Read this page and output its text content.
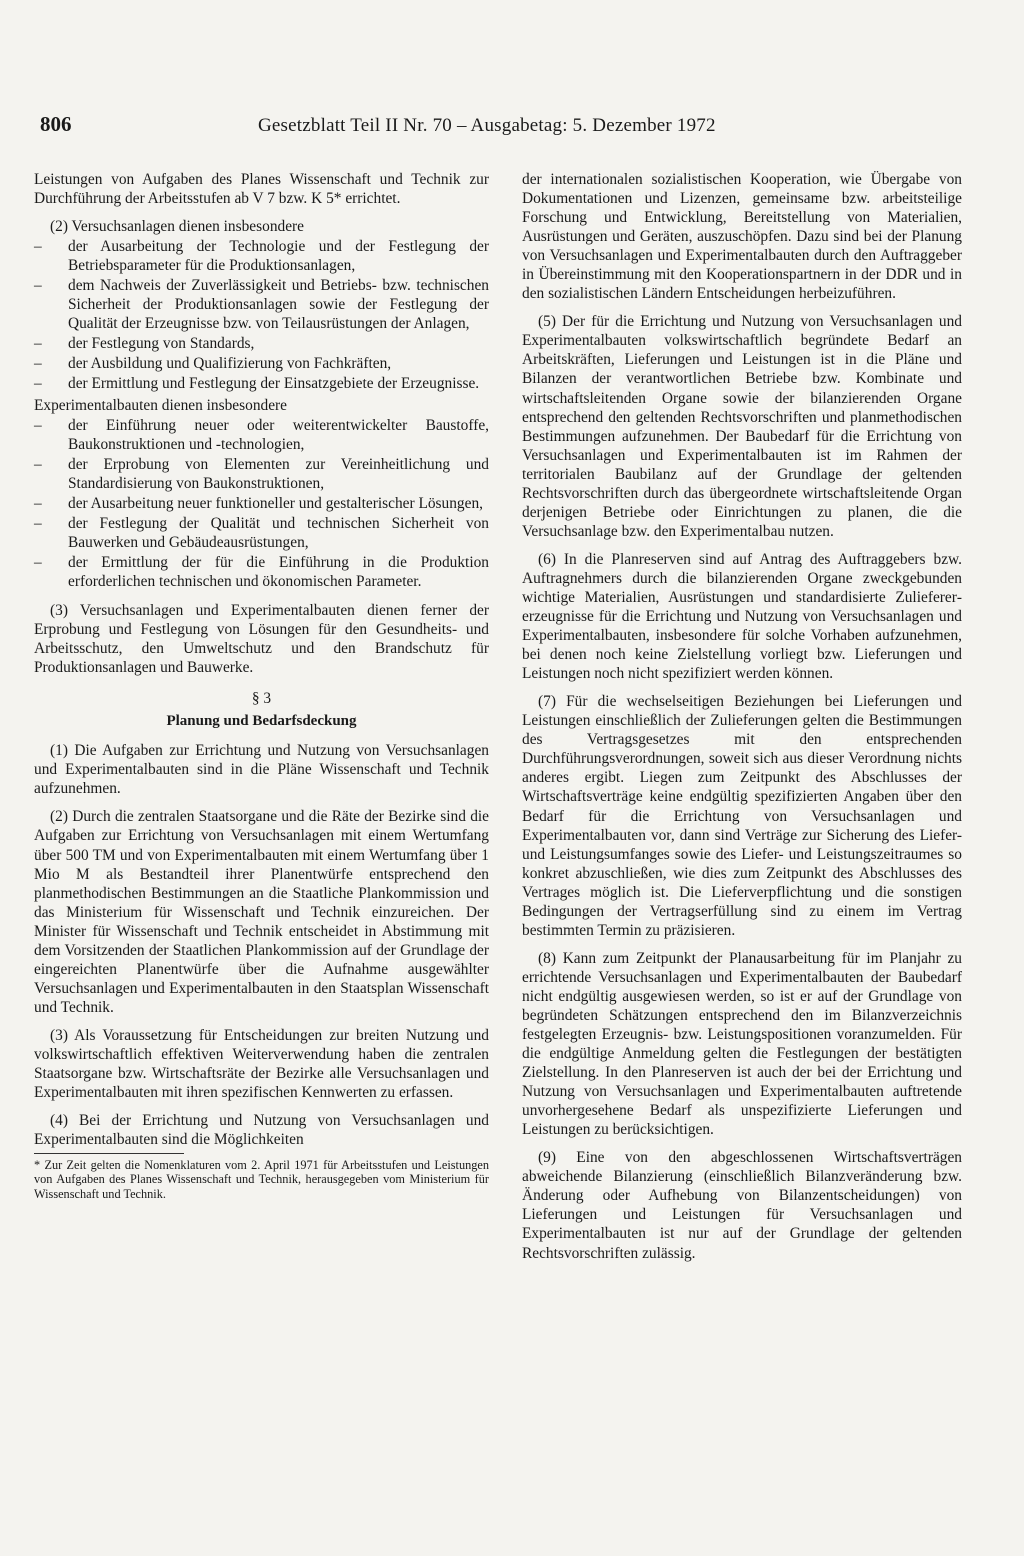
806	Gesetzblatt Teil II Nr. 70 – Ausgabetag: 5. Dezember 1972

Leistungen von Aufgaben des Planes Wissenschaft und Technik zur Durchführung der Arbeitsstufen ab V 7 bzw. K 5* errichtet.

(2) Versuchsanlagen dienen insbesondere

– der Ausarbeitung der Technologie und der Festlegung der Betriebsparameter für die Produktionsanlagen,
– dem Nachweis der Zuverlässigkeit und Betriebs- bzw. technischen Sicherheit der Produktionsanlagen sowie der Festlegung der Qualität der Erzeugnisse bzw. von Teilausrüstungen der Anlagen,
– der Festlegung von Standards,
– der Ausbildung und Qualifizierung von Fachkräften,
– der Ermittlung und Festlegung der Einsatzgebiete der Erzeugnisse.

Experimentalbauten dienen insbesondere

– der Einführung neuer oder weiterentwickelter Baustoffe, Baukonstruktionen und -technologien,
– der Erprobung von Elementen zur Vereinheitlichung und Standardisierung von Baukonstruktionen,
– der Ausarbeitung neuer funktioneller und gestalterischer Lösungen,
– der Festlegung der Qualität und technischen Sicherheit von Bauwerken und Gebäudeausrüstungen,
– der Ermittlung der für die Einführung in die Produktion erforderlichen technischen und ökonomischen Parameter.

(3) Versuchsanlagen und Experimentalbauten dienen ferner der Erprobung und Festlegung von Lösungen für den Gesundheits- und Arbeitsschutz, den Umweltschutz und den Brandschutz für Produktionsanlagen und Bauwerke.

§ 3
Planung und Bedarfsdeckung

(1) Die Aufgaben zur Errichtung und Nutzung von Versuchsanlagen und Experimentalbauten sind in die Pläne Wissenschaft und Technik aufzunehmen.

(2) Durch die zentralen Staatsorgane und die Räte der Bezirke sind die Aufgaben zur Errichtung von Versuchsanlagen mit einem Wertumfang über 500 TM und von Experimentalbauten mit einem Wertumfang über 1 Mio M als Bestandteil ihrer Planentwürfe entsprechend den planmethodischen Bestimmungen an die Staatliche Plankommission und das Ministerium für Wissenschaft und Technik einzureichen. Der Minister für Wissenschaft und Technik entscheidet in Abstimmung mit dem Vorsitzenden der Staatlichen Plankommission auf der Grundlage der eingereichten Planentwürfe über die Aufnahme ausgewählter Versuchsanlagen und Experimentalbauten in den Staatsplan Wissenschaft und Technik.

(3) Als Voraussetzung für Entscheidungen zur breiten Nutzung und volkswirtschaftlich effektiven Weiterverwendung haben die zentralen Staatsorgane bzw. Wirtschaftsräte der Bezirke alle Versuchsanlagen und Experimentalbauten mit ihren spezifischen Kennwerten zu erfassen.

(4) Bei der Errichtung und Nutzung von Versuchsanlagen und Experimentalbauten sind die Möglichkeiten

* Zur Zeit gelten die Nomenklaturen vom 2. April 1971 für Arbeitsstufen und Leistungen von Aufgaben des Planes Wissenschaft und Technik, herausgegeben vom Ministerium für Wissenschaft und Technik.

der internationalen sozialistischen Kooperation, wie Übergabe von Dokumentationen und Lizenzen, gemeinsame bzw. arbeitsteilige Forschung und Entwicklung, Bereitstellung von Materialien, Ausrüstungen und Geräten, auszuschöpfen. Dazu sind bei der Planung von Versuchsanlagen und Experimentalbauten durch den Auftraggeber in Übereinstimmung mit den Kooperationspartnern in der DDR und in den sozialistischen Ländern Entscheidungen herbeizuführen.

(5) Der für die Errichtung und Nutzung von Versuchsanlagen und Experimentalbauten volkswirtschaftlich begründete Bedarf an Arbeitskräften, Lieferungen und Leistungen ist in die Pläne und Bilanzen der verantwortlichen Betriebe bzw. Kombinate und wirtschaftsleitenden Organe sowie der bilanzierenden Organe entsprechend den geltenden Rechtsvorschriften und planmethodischen Bestimmungen aufzunehmen. Der Baubedarf für die Errichtung von Versuchsanlagen und Experimentalbauten ist im Rahmen der territorialen Baubilanz auf der Grundlage der geltenden Rechtsvorschriften durch das übergeordnete wirtschaftsleitende Organ derjenigen Betriebe oder Einrichtungen zu planen, die die Versuchsanlage bzw. den Experimentalbau nutzen.

(6) In die Planreserven sind auf Antrag des Auftraggebers bzw. Auftragnehmers durch die bilanzierenden Organe zweckgebunden wichtige Materialien, Ausrüstungen und standardisierte Zulieferererzeugnisse für die Errichtung und Nutzung von Versuchsanlagen und Experimentalbauten, insbesondere für solche Vorhaben aufzunehmen, bei denen noch keine Zielstellung vorliegt bzw. Lieferungen und Leistungen noch nicht spezifiziert werden können.

(7) Für die wechselseitigen Beziehungen bei Lieferungen und Leistungen einschließlich der Zulieferungen gelten die Bestimmungen des Vertragsgesetzes mit den entsprechenden Durchführungsverordnungen, soweit sich aus dieser Verordnung nichts anderes ergibt. Liegen zum Zeitpunkt des Abschlusses der Wirtschaftsverträge keine endgültig spezifizierten Angaben über den Bedarf für die Errichtung von Versuchsanlagen und Experimentalbauten vor, dann sind Verträge zur Sicherung des Liefer- und Leistungsumfanges sowie des Liefer- und Leistungszeitraumes so konkret abzuschließen, wie dies zum Zeitpunkt des Abschlusses des Vertrages möglich ist. Die Lieferverpflichtung und die sonstigen Bedingungen der Vertragserfüllung sind zu einem im Vertrag bestimmten Termin zu präzisieren.

(8) Kann zum Zeitpunkt der Planausarbeitung für im Planjahr zu errichtende Versuchsanlagen und Experimentalbauten der Baubedarf nicht endgültig ausgewiesen werden, so ist er auf der Grundlage von begründeten Schätzungen entsprechend den im Bilanzverzeichnis festgelegten Erzeugnis- bzw. Leistungspositionen voranzumelden. Für die endgültige Anmeldung gelten die Festlegungen der bestätigten Zielstellung. In den Planreserven ist auch der bei der Errichtung und Nutzung von Versuchsanlagen und Experimentalbauten auftretende unvorhergesehene Bedarf als unspezifizierte Lieferungen und Leistungen zu berücksichtigen.

(9) Eine von den abgeschlossenen Wirtschaftsverträgen abweichende Bilanzierung (einschließlich Bilanzveränderung bzw. Änderung oder Aufhebung von Bilanzentscheidungen) von Lieferungen und Leistungen für Versuchsanlagen und Experimentalbauten ist nur auf der Grundlage der geltenden Rechtsvorschriften zulässig.
